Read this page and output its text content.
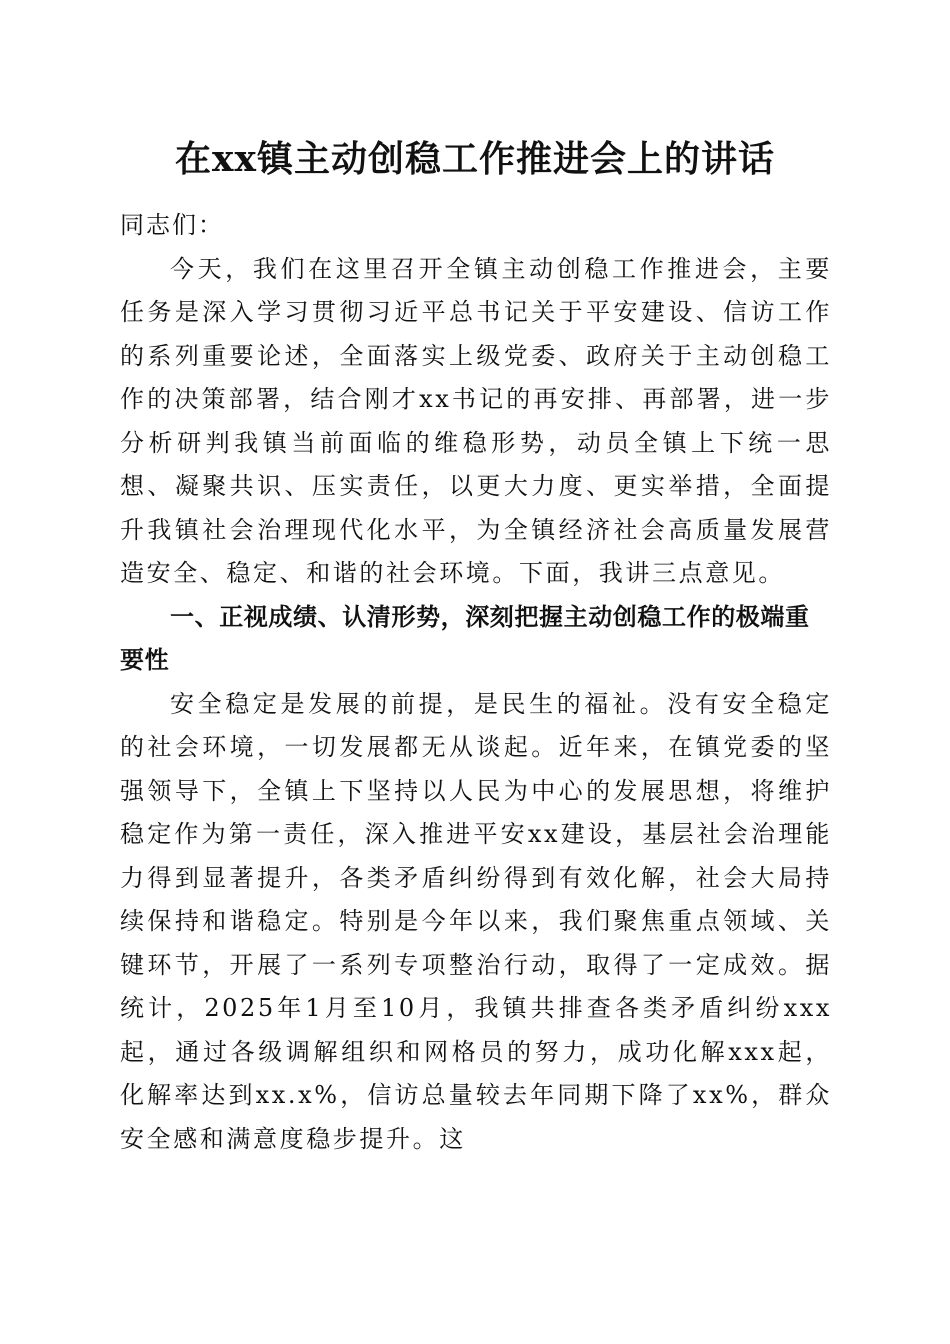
在xx镇主动创稳工作推进会上的讲话

同志们：

今天，我们在这里召开全镇主动创稳工作推进会，主要任务是深入学习贯彻习近平总书记关于平安建设、信访工作的系列重要论述，全面落实上级党委、政府关于主动创稳工作的决策部署，结合刚才xx书记的再安排、再部署，进一步分析研判我镇当前面临的维稳形势，动员全镇上下统一思想、凝聚共识、压实责任，以更大力度、更实举措，全面提升我镇社会治理现代化水平，为全镇经济社会高质量发展营造安全、稳定、和谐的社会环境。下面，我讲三点意见。

一、正视成绩、认清形势，深刻把握主动创稳工作的极端重要性

安全稳定是发展的前提，是民生的福祉。没有安全稳定的社会环境，一切发展都无从谈起。近年来，在镇党委的坚强领导下，全镇上下坚持以人民为中心的发展思想，将维护稳定作为第一责任，深入推进平安xx建设，基层社会治理能力得到显著提升，各类矛盾纠纷得到有效化解，社会大局持续保持和谐稳定。特别是今年以来，我们聚焦重点领域、关键环节，开展了一系列专项整治行动，取得了一定成效。据统计，2025年1月至10月，我镇共排查各类矛盾纠纷xxx起，通过各级调解组织和网格员的努力，成功化解xxx起，化解率达到xx.x%，信访总量较去年同期下降了xx%，群众安全感和满意度稳步提升。这
